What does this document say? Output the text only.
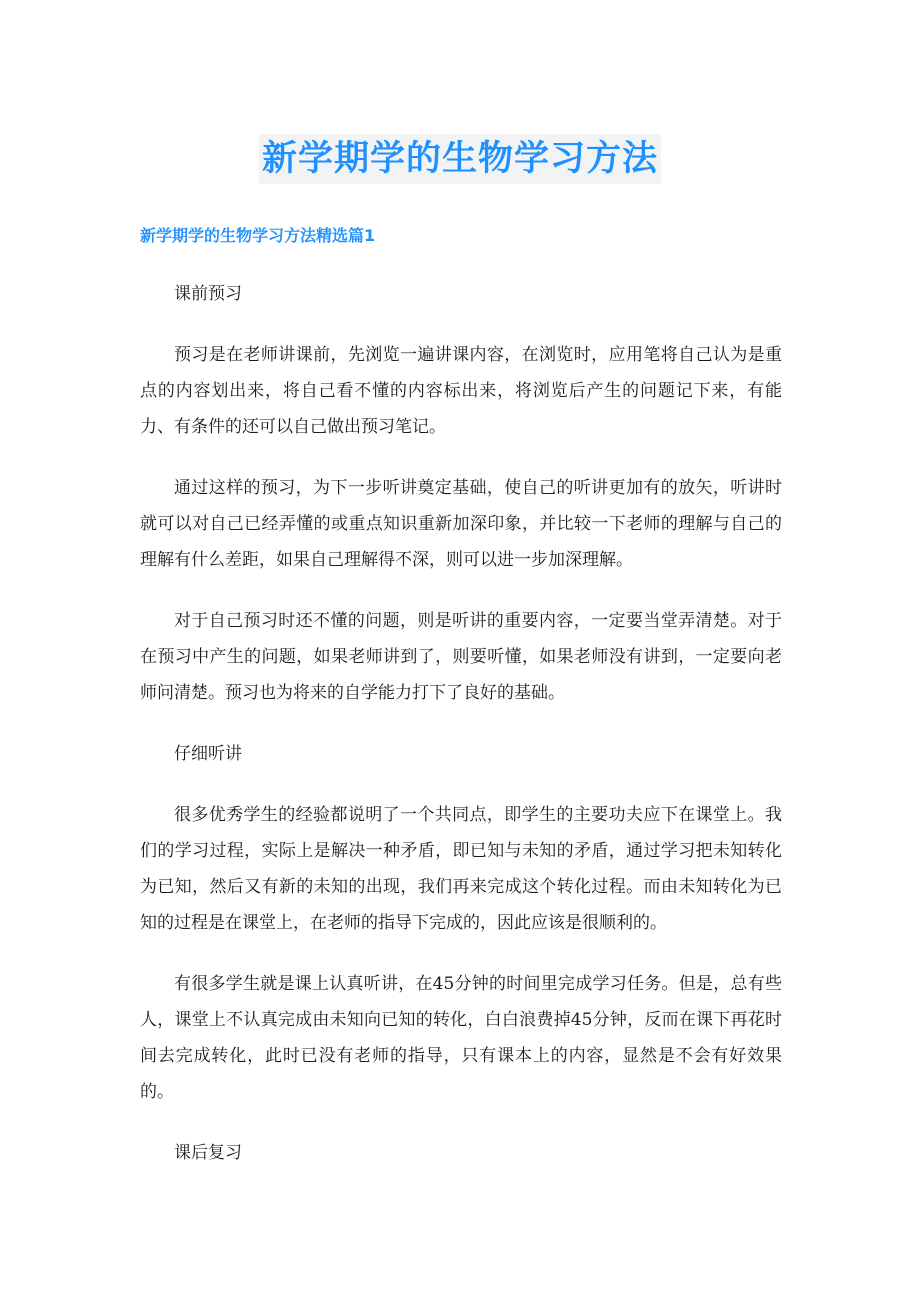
新学期学的生物学习方法
新学期学的生物学习方法精选篇1

课前预习

预习是在老师讲课前，先浏览一遍讲课内容，在浏览时，应用笔将自己认为是重点的内容划出来，将自己看不懂的内容标出来，将浏览后产生的问题记下来，有能力、有条件的还可以自己做出预习笔记。

通过这样的预习，为下一步听讲奠定基础，使自己的听讲更加有的放矢，听讲时就可以对自己已经弄懂的或重点知识重新加深印象，并比较一下老师的理解与自己的理解有什么差距，如果自己理解得不深，则可以进一步加深理解。

对于自己预习时还不懂的问题，则是听讲的重要内容，一定要当堂弄清楚。对于在预习中产生的问题，如果老师讲到了，则要听懂，如果老师没有讲到，一定要向老师问清楚。预习也为将来的自学能力打下了良好的基础。

仔细听讲

很多优秀学生的经验都说明了一个共同点，即学生的主要功夫应下在课堂上。我们的学习过程，实际上是解决一种矛盾，即已知与未知的矛盾，通过学习把未知转化为已知，然后又有新的未知的出现，我们再来完成这个转化过程。而由未知转化为已知的过程是在课堂上，在老师的指导下完成的，因此应该是很顺利的。

有很多学生就是课上认真听讲，在45分钟的时间里完成学习任务。但是，总有些人，课堂上不认真完成由未知向已知的转化，白白浪费掉45分钟，反而在课下再花时间去完成转化，此时已没有老师的指导，只有课本上的内容，显然是不会有好效果的。

课后复习
